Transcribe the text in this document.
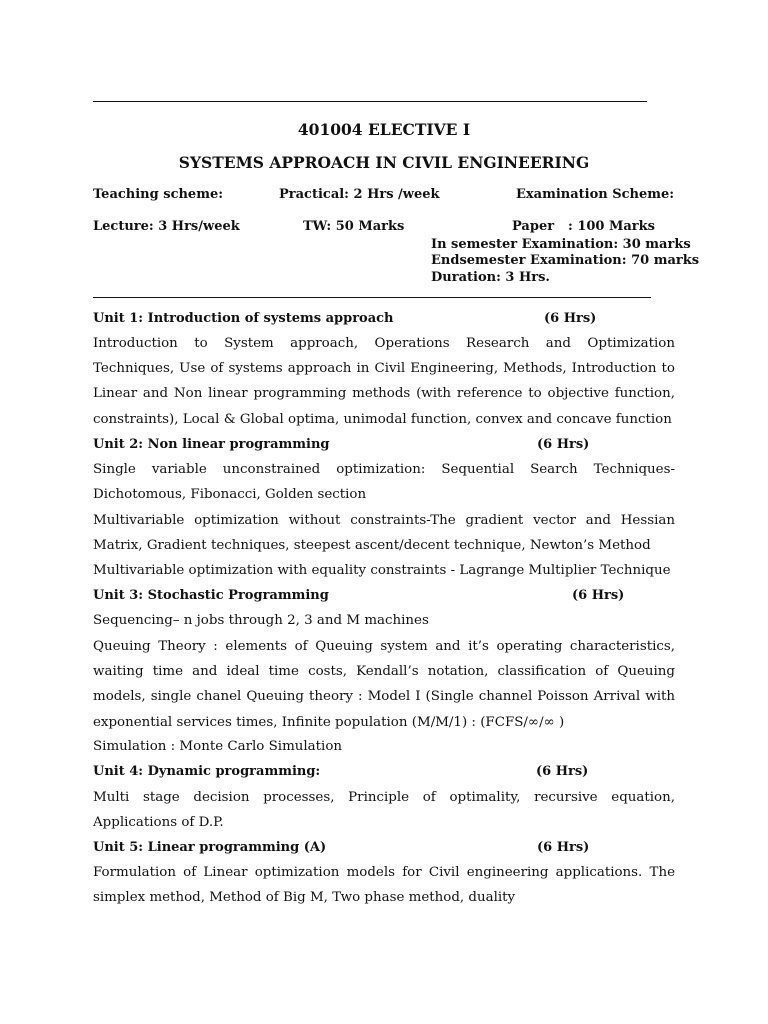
401004 ELECTIVE I
SYSTEMS APPROACH IN CIVIL ENGINEERING
Teaching scheme:	Practical: 2 Hrs /week	Examination Scheme:
Lecture: 3 Hrs/week	TW: 50 Marks	Paper : 100 Marks
In semester Examination: 30 marks
Endsemester Examination: 70 marks
Duration: 3 Hrs.
Unit 1: Introduction of systems approach	(6 Hrs)
Introduction to System approach, Operations Research and Optimization Techniques, Use of systems approach in Civil Engineering, Methods, Introduction to Linear and Non linear programming methods (with reference to objective function, constraints), Local & Global optima, unimodal function, convex and concave function
Unit 2: Non linear programming	(6 Hrs)
Single variable unconstrained optimization: Sequential Search Techniques-Dichotomous, Fibonacci, Golden section
Multivariable optimization without constraints-The gradient vector and Hessian Matrix, Gradient techniques, steepest ascent/decent technique, Newton’s Method
Multivariable optimization with equality constraints - Lagrange Multiplier Technique
Unit 3: Stochastic Programming	(6 Hrs)
Sequencing– n jobs through 2, 3 and M machines
Queuing Theory : elements of Queuing system and it’s operating characteristics, waiting time and ideal time costs, Kendall’s notation, classification of Queuing models, single chanel Queuing theory : Model I (Single channel Poisson Arrival with exponential services times, Infinite population (M/M/1) : (FCFS/∞/∞ )
Simulation : Monte Carlo Simulation
Unit 4: Dynamic programming:	(6 Hrs)
Multi stage decision processes, Principle of optimality, recursive equation, Applications of D.P.
Unit 5: Linear programming (A)	(6 Hrs)
Formulation of Linear optimization models for Civil engineering applications. The simplex method, Method of Big M, Two phase method, duality
